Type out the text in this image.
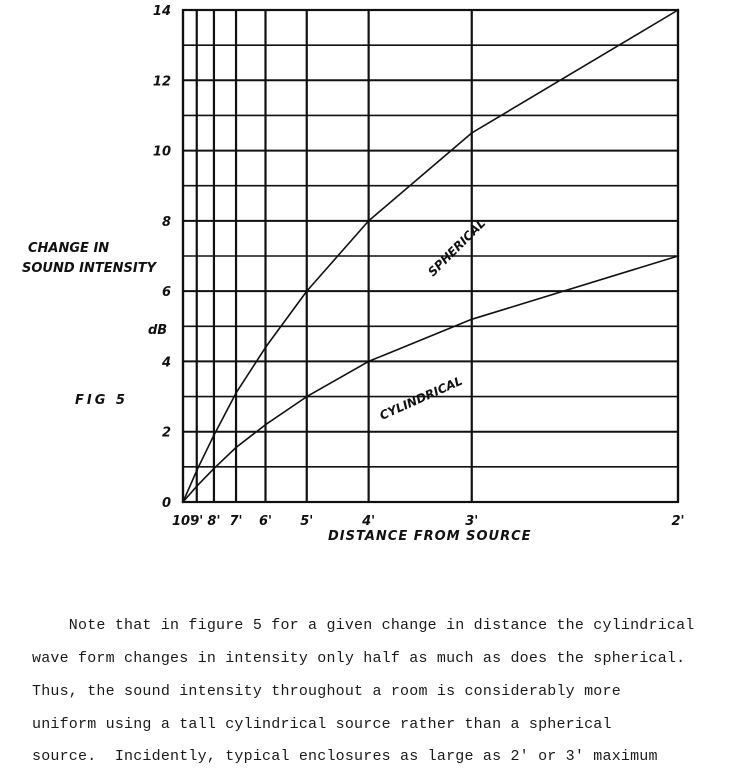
10'
9' 8' 7' 6' 5'	4'	3'	2'
0
2
4
6
8
10
12
14
CHANGE IN
SOUND INTENSITY
dB
FIG 5
DISTANCE FROM SOURCE
SPHERICAL
CYLINDRICAL
Note that in figure 5 for a given change in distance the cylindrical
wave form changes in intensity only half as much as does the spherical.
Thus, the sound intensity throughout a room is considerably more
uniform using a tall cylindrical source rather than a spherical
source.  Incidently, typical enclosures as large as 2' or 3' maximum
